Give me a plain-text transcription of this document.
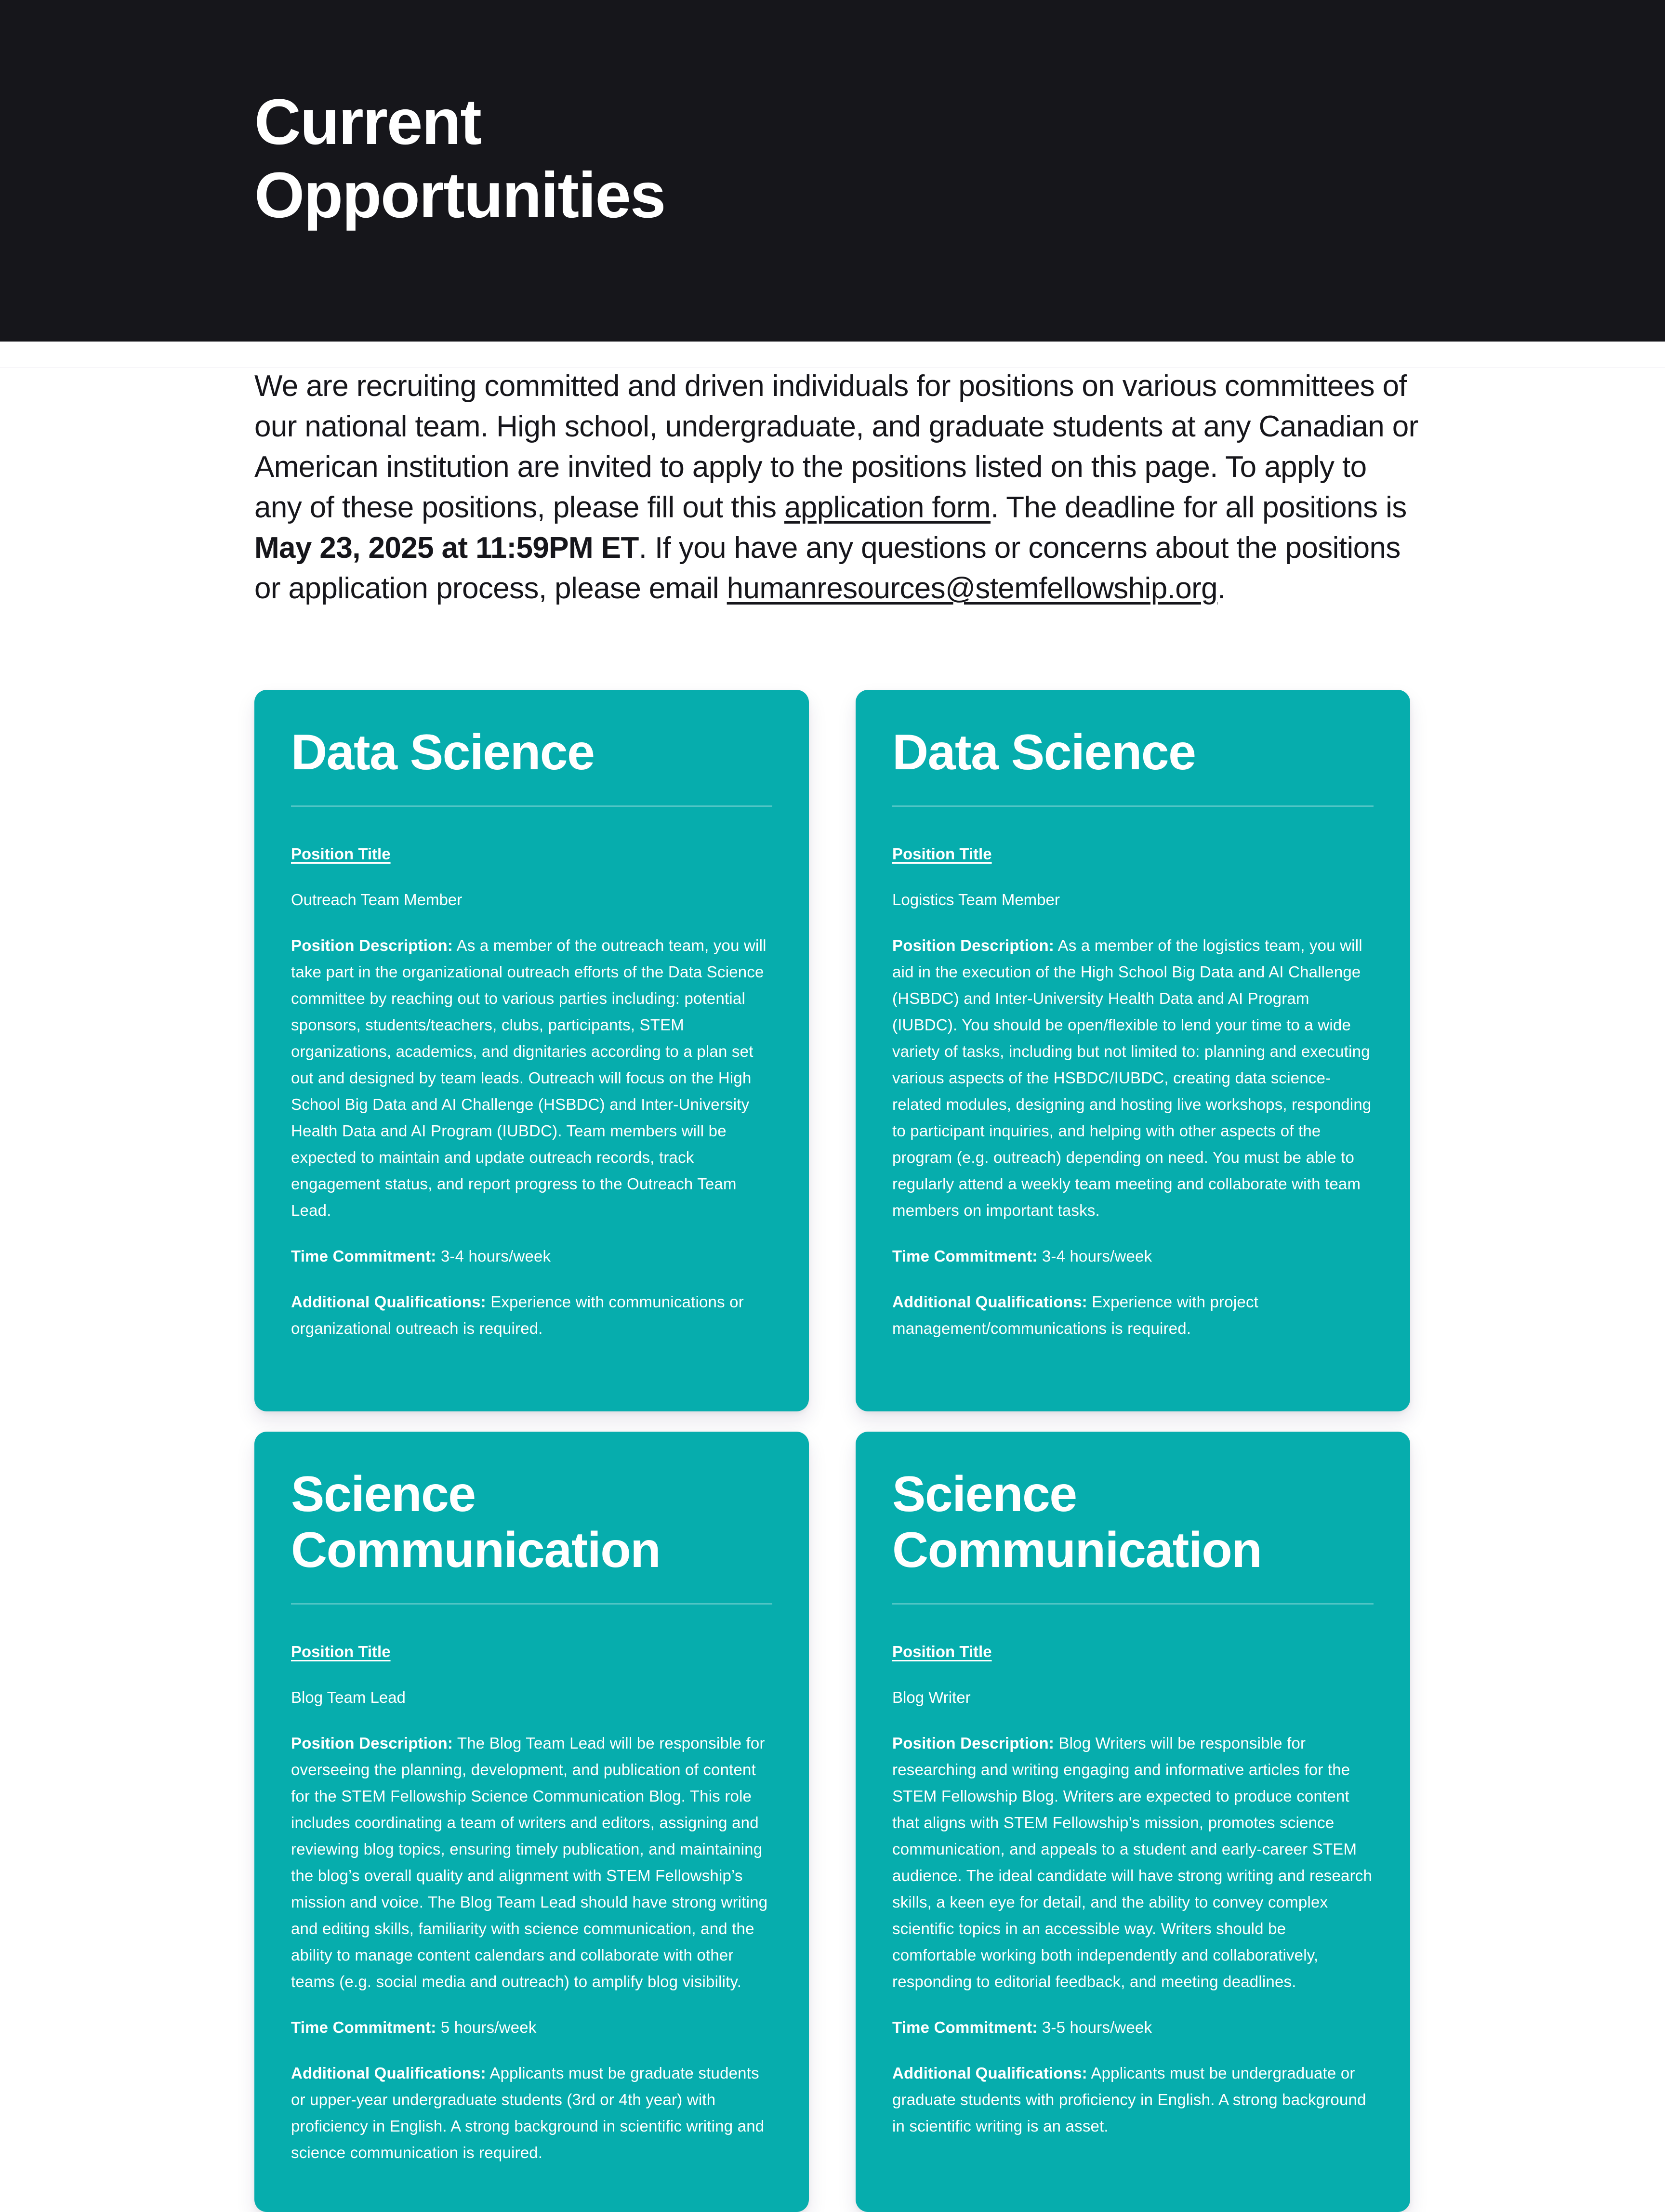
Current Opportunities

We are recruiting committed and driven individuals for positions on various committees of our national team. High school, undergraduate, and graduate students at any Canadian or American institution are invited to apply to the positions listed on this page. To apply to any of these positions, please fill out this application form. The deadline for all positions is May 23, 2025 at 11:59PM ET. If you have any questions or concerns about the positions or application process, please email humanresources@stemfellowship.org.

Data Science
Position Title
Outreach Team Member

Position Description: As a member of the outreach team, you will take part in the organizational outreach efforts of the Data Science committee by reaching out to various parties including: potential sponsors, students/teachers, clubs, participants, STEM organizations, academics, and dignitaries according to a plan set out and designed by team leads. Outreach will focus on the High School Big Data and AI Challenge (HSBDC) and Inter-University Health Data and AI Program (IUBDC). Team members will be expected to maintain and update outreach records, track engagement status, and report progress to the Outreach Team Lead.

Time Commitment: 3-4 hours/week

Additional Qualifications: Experience with communications or organizational outreach is required.

Data Science
Position Title
Logistics Team Member

Position Description: As a member of the logistics team, you will aid in the execution of the High School Big Data and AI Challenge (HSBDC) and Inter-University Health Data and AI Program (IUBDC). You should be open/flexible to lend your time to a wide variety of tasks, including but not limited to: planning and executing various aspects of the HSBDC/IUBDC, creating data science-related modules, designing and hosting live workshops, responding to participant inquiries, and helping with other aspects of the program (e.g. outreach) depending on need. You must be able to regularly attend a weekly team meeting and collaborate with team members on important tasks.

Time Commitment: 3-4 hours/week

Additional Qualifications: Experience with project management/communications is required.

Science Communication
Position Title
Blog Team Lead

Position Description: The Blog Team Lead will be responsible for overseeing the planning, development, and publication of content for the STEM Fellowship Science Communication Blog. This role includes coordinating a team of writers and editors, assigning and reviewing blog topics, ensuring timely publication, and maintaining the blog’s overall quality and alignment with STEM Fellowship’s mission and voice. The Blog Team Lead should have strong writing and editing skills, familiarity with science communication, and the ability to manage content calendars and collaborate with other teams (e.g. social media and outreach) to amplify blog visibility.

Time Commitment: 5 hours/week

Additional Qualifications: Applicants must be graduate students or upper-year undergraduate students (3rd or 4th year) with proficiency in English. A strong background in scientific writing and science communication is required.

Science Communication
Position Title
Blog Writer

Position Description: Blog Writers will be responsible for researching and writing engaging and informative articles for the STEM Fellowship Blog. Writers are expected to produce content that aligns with STEM Fellowship’s mission, promotes science communication, and appeals to a student and early-career STEM audience. The ideal candidate will have strong writing and research skills, a keen eye for detail, and the ability to convey complex scientific topics in an accessible way. Writers should be comfortable working both independently and collaboratively, responding to editorial feedback, and meeting deadlines.

Time Commitment: 3-5 hours/week

Additional Qualifications: Applicants must be undergraduate or graduate students with proficiency in English. A strong background in scientific writing is an asset.
